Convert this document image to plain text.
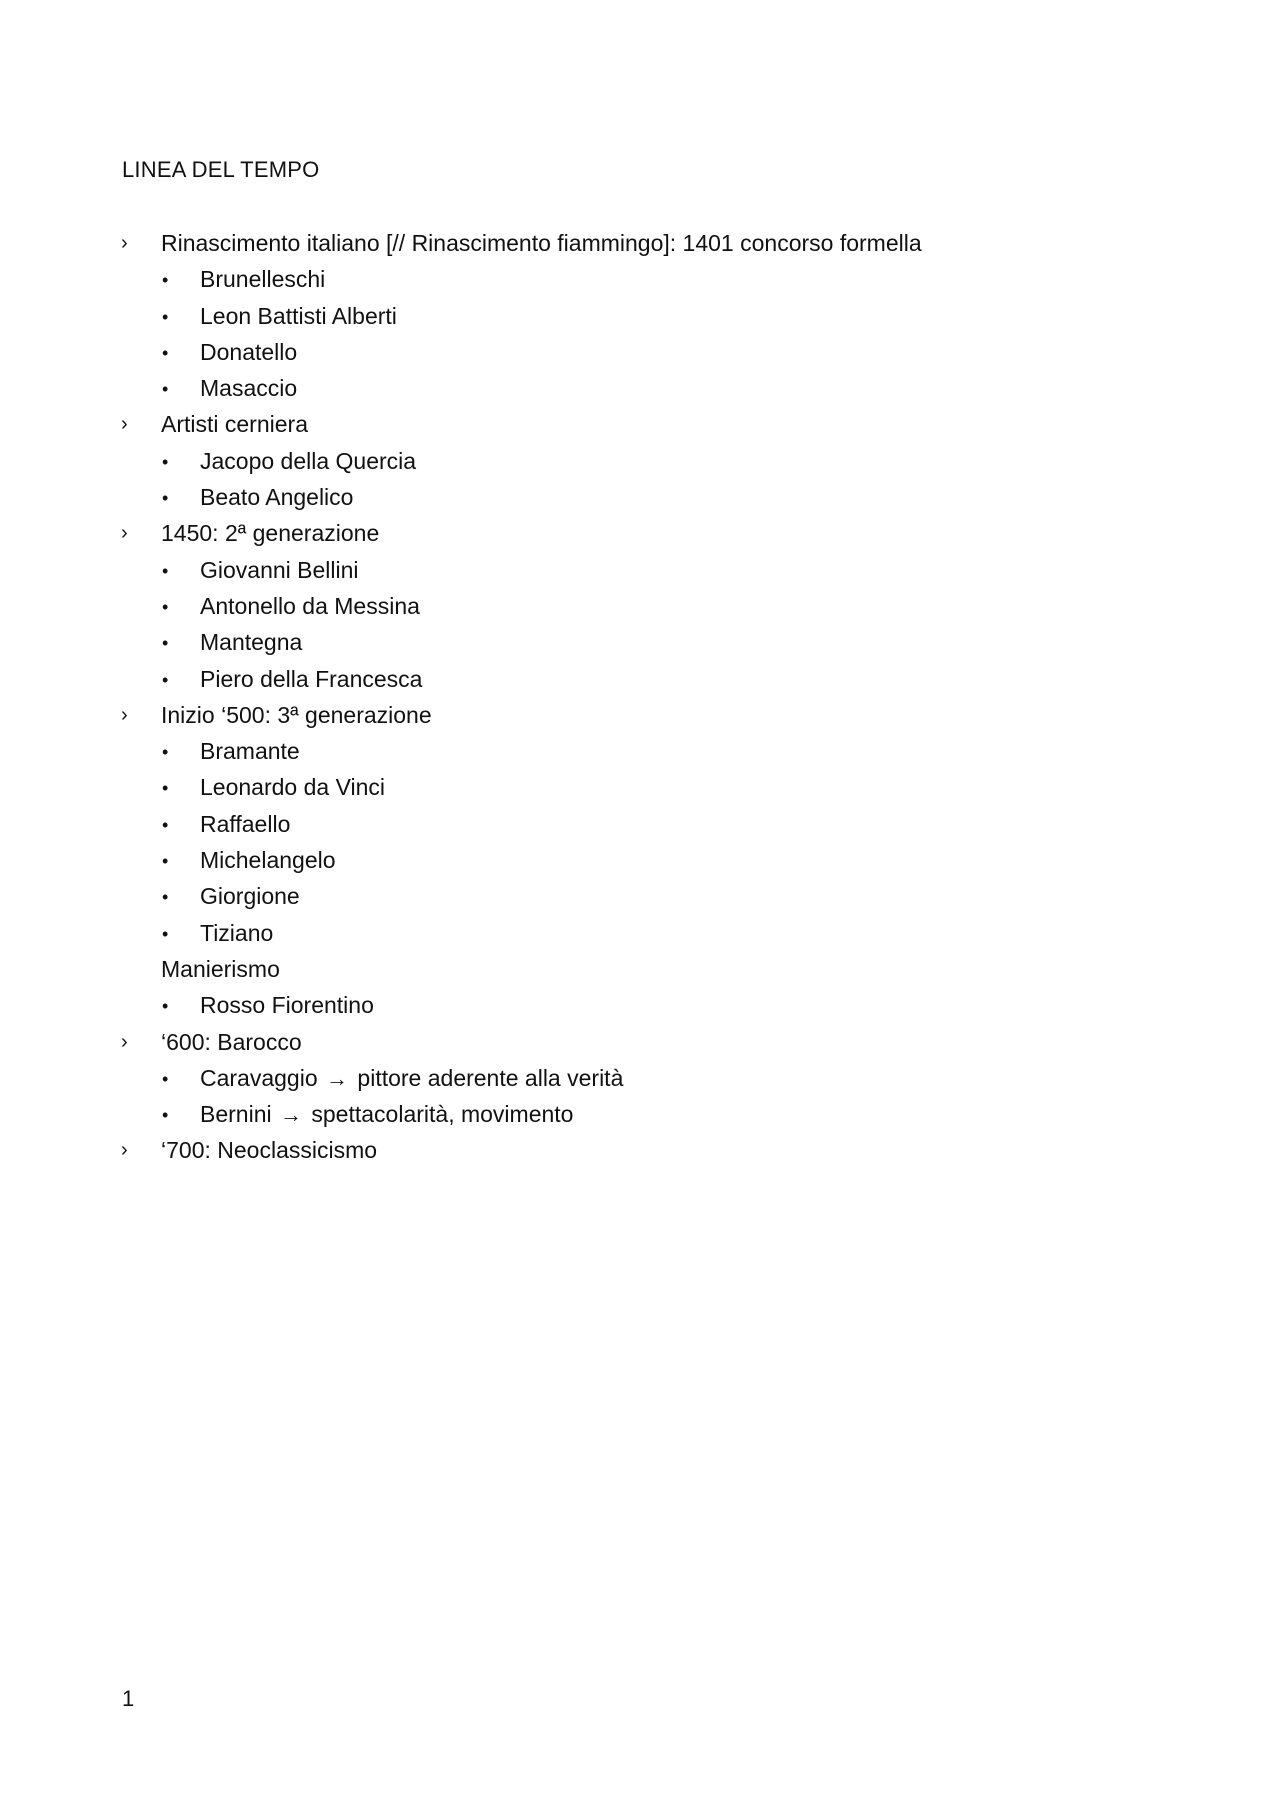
LINEA DEL TEMPO
› Rinascimento italiano [// Rinascimento fiammingo]: 1401 concorso formella
• Brunelleschi
• Leon Battisti Alberti
• Donatello
• Masaccio
› Artisti cerniera
• Jacopo della Quercia
• Beato Angelico
› 1450: 2ª generazione
• Giovanni Bellini
• Antonello da Messina
• Mantegna
• Piero della Francesca
› Inizio ‘500: 3ª generazione
• Bramante
• Leonardo da Vinci
• Raffaello
• Michelangelo
• Giorgione
• Tiziano
Manierismo
• Rosso Fiorentino
› ‘600: Barocco
• Caravaggio → pittore aderente alla verità
• Bernini → spettacolarità, movimento
› ‘700: Neoclassicismo
1
